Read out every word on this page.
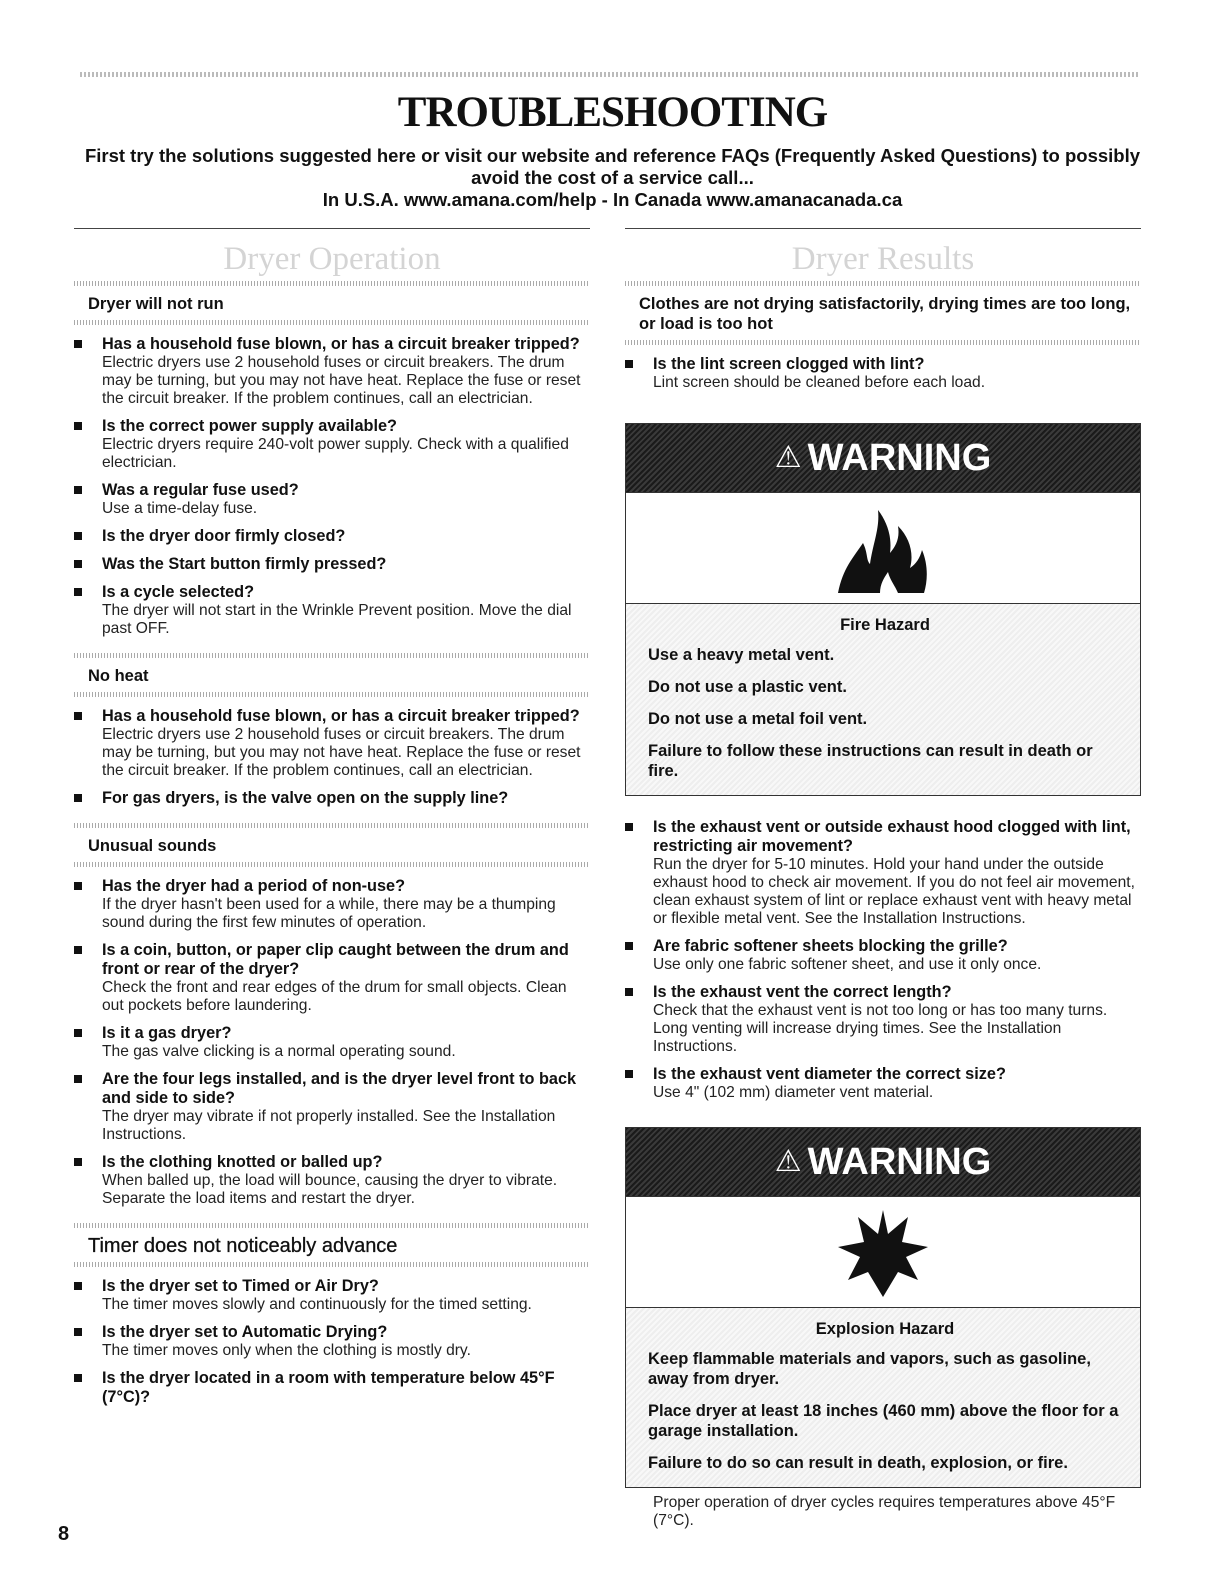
TROUBLESHOOTING
First try the solutions suggested here or visit our website and reference FAQs (Frequently Asked Questions) to possibly
avoid the cost of a service call...
In U.S.A. www.amana.com/help - In Canada www.amanacanada.ca
Dryer Operation
Dryer will not run
Has a household fuse blown, or has a circuit breaker tripped?
Electric dryers use 2 household fuses or circuit breakers. The drum may be turning, but you may not have heat. Replace the fuse or reset the circuit breaker. If the problem continues, call an electrician.
Is the correct power supply available?
Electric dryers require 240-volt power supply. Check with a qualified electrician.
Was a regular fuse used?
Use a time-delay fuse.
Is the dryer door firmly closed?
Was the Start button firmly pressed?
Is a cycle selected?
The dryer will not start in the Wrinkle Prevent position. Move the dial past OFF.
No heat
Has a household fuse blown, or has a circuit breaker tripped?
Electric dryers use 2 household fuses or circuit breakers. The drum may be turning, but you may not have heat. Replace the fuse or reset the circuit breaker. If the problem continues, call an electrician.
For gas dryers, is the valve open on the supply line?
Unusual sounds
Has the dryer had a period of non-use?
If the dryer hasn't been used for a while, there may be a thumping sound during the first few minutes of operation.
Is a coin, button, or paper clip caught between the drum and front or rear of the dryer?
Check the front and rear edges of the drum for small objects. Clean out pockets before laundering.
Is it a gas dryer?
The gas valve clicking is a normal operating sound.
Are the four legs installed, and is the dryer level front to back and side to side?
The dryer may vibrate if not properly installed. See the Installation Instructions.
Is the clothing knotted or balled up?
When balled up, the load will bounce, causing the dryer to vibrate. Separate the load items and restart the dryer.
Timer does not noticeably advance
Is the dryer set to Timed or Air Dry?
The timer moves slowly and continuously for the timed setting.
Is the dryer set to Automatic Drying?
The timer moves only when the clothing is mostly dry.
Is the dryer located in a room with temperature below 45°F (7°C)?
Dryer Results
Clothes are not drying satisfactorily, drying times are too long, or load is too hot
Is the lint screen clogged with lint?
Lint screen should be cleaned before each load.
⚠ WARNING
Fire Hazard

Use a heavy metal vent.

Do not use a plastic vent.

Do not use a metal foil vent.

Failure to follow these instructions can result in death or fire.

Is the exhaust vent or outside exhaust hood clogged with lint, restricting air movement?
Run the dryer for 5-10 minutes. Hold your hand under the outside exhaust hood to check air movement. If you do not feel air movement, clean exhaust system of lint or replace exhaust vent with heavy metal or flexible metal vent. See the Installation Instructions.
Are fabric softener sheets blocking the grille?
Use only one fabric softener sheet, and use it only once.
Is the exhaust vent the correct length?
Check that the exhaust vent is not too long or has too many turns. Long venting will increase drying times. See the Installation Instructions.
Is the exhaust vent diameter the correct size?
Use 4" (102 mm) diameter vent material.
⚠ WARNING
Explosion Hazard

Keep flammable materials and vapors, such as gasoline, away from dryer.

Place dryer at least 18 inches (460 mm) above the floor for a garage installation.

Failure to do so can result in death, explosion, or fire.

Proper operation of dryer cycles requires temperatures above 45°F (7°C).
8
